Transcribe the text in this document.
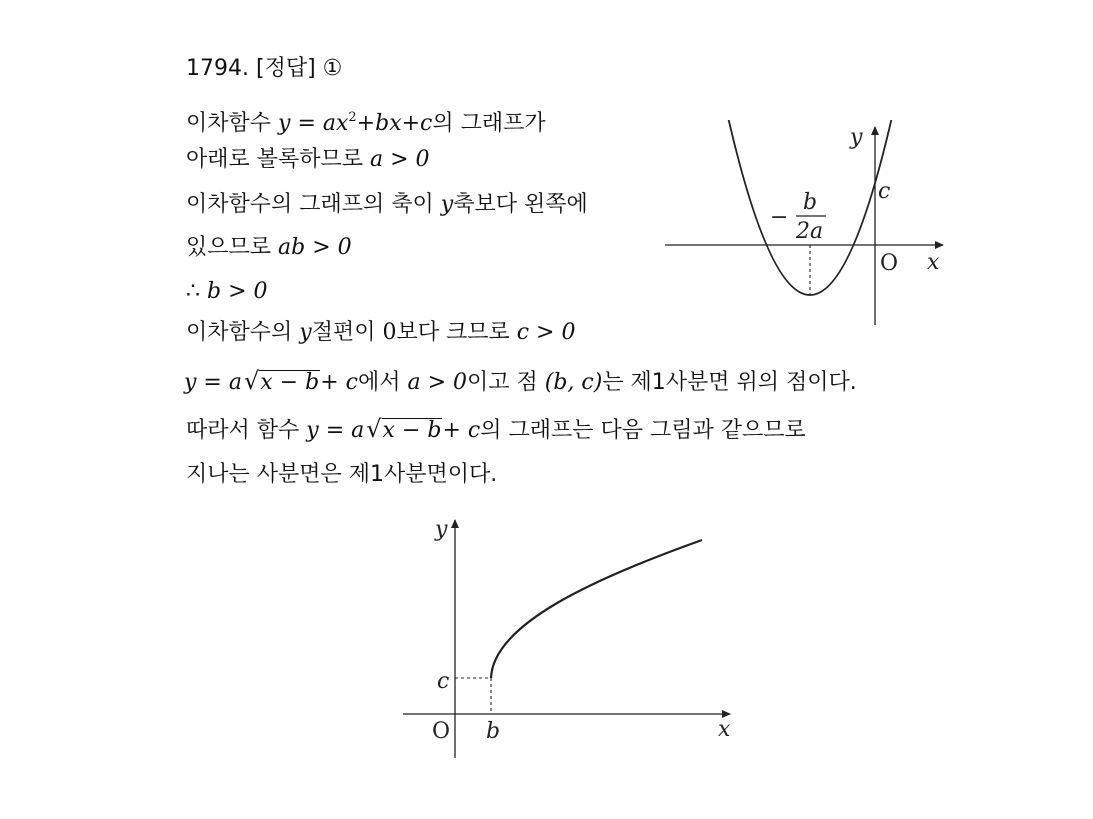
1794. [정답] ①
이차함수 $y = ax^2+bx+c$의 그래프가
아래로 볼록하므로 a > 0
이차함수의 그래프의 축이 y축보다 왼쪽에
있으므로 ab > 0
∴ b > 0
이차함수의 y절편이 0보다 크므로 c > 0
y = a√x − b+ c에서 a > 0이고 점 (b, c)는 제1사분면 위의 점이다.
따라서 함수 y = a√x − b+ c의 그래프는 다음 그림과 같으므로
지나는 사분면은 제1사분면이다.
y
x
O
c
−
b
2a
y
x
O
c
b
